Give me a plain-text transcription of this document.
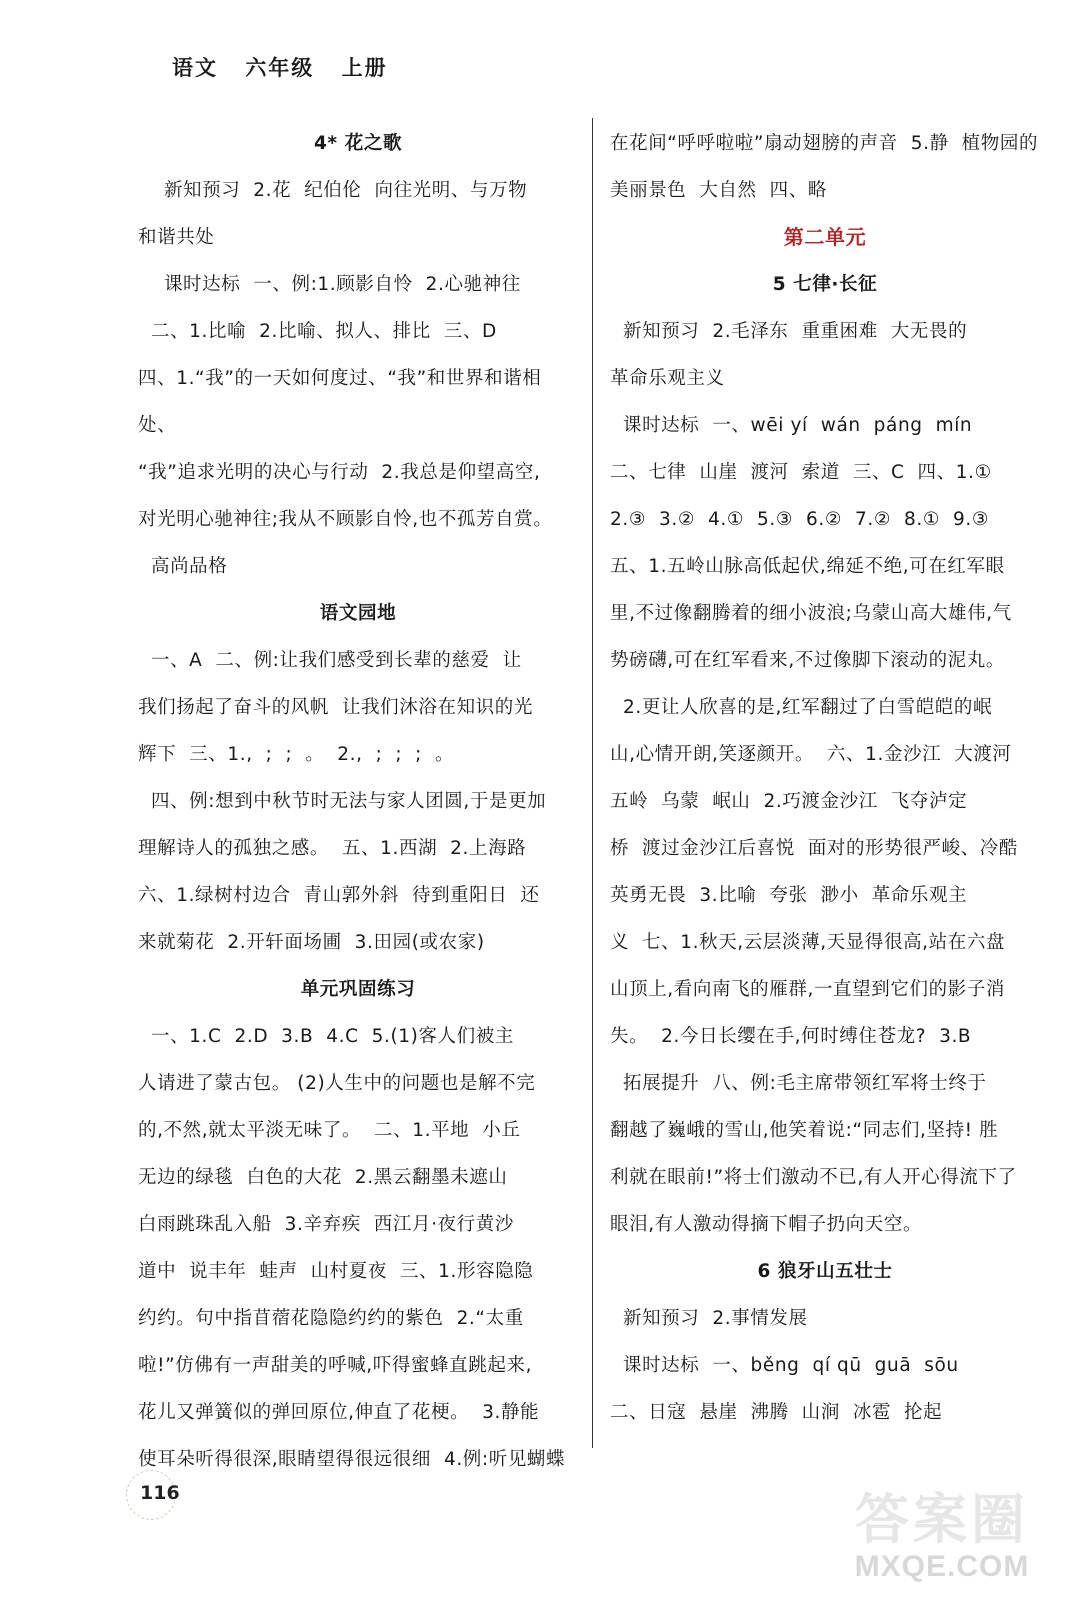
语文 六年级 上册
4* 花之歌
新知预习  2.花  纪伯伦  向往光明、与万物
和谐共处
课时达标  一、例:1.顾影自怜  2.心驰神往
二、1.比喻  2.比喻、拟人、排比  三、D
四、1.“我”的一天如何度过、“我”和世界和谐相处、
“我”追求光明的决心与行动  2.我总是仰望高空,
对光明心驰神往;我从不顾影自怜,也不孤芳自赏。
高尚品格
语文园地
一、A  二、例:让我们感受到长辈的慈爱  让
我们扬起了奋斗的风帆  让我们沐浴在知识的光
辉下  三、1.,  ;  ;  。  2.,  ;  ;  ;  。
四、例:想到中秋节时无法与家人团圆,于是更加
理解诗人的孤独之感。  五、1.西湖  2.上海路
六、1.绿树村边合  青山郭外斜  待到重阳日  还
来就菊花  2.开轩面场圃  3.田园(或农家)
单元巩固练习
一、1.C  2.D  3.B  4.C  5.(1)客人们被主
人请进了蒙古包。 (2)人生中的问题也是解不完
的,不然,就太平淡无味了。  二、1.平地  小丘
无边的绿毯  白色的大花  2.黑云翻墨未遮山
白雨跳珠乱入船  3.辛弃疾  西江月·夜行黄沙
道中  说丰年  蛙声  山村夏夜  三、1.形容隐隐
约约。句中指苜蓿花隐隐约约的紫色  2.“太重
啦!”仿佛有一声甜美的呼喊,吓得蜜蜂直跳起来,
花儿又弹簧似的弹回原位,伸直了花梗。  3.静能
使耳朵听得很深,眼睛望得很远很细  4.例:听见蝴蝶
在花间“呼呼啦啦”扇动翅膀的声音  5.静  植物园的
美丽景色  大自然  四、略
第二单元
5 七律·长征
新知预习  2.毛泽东  重重困难  大无畏的
革命乐观主义
课时达标  一、wēi yí  wán  páng  mín
二、七律  山崖  渡河  索道  三、C  四、1.①
2.③  3.②  4.①  5.③  6.②  7.②  8.①  9.③
五、1.五岭山脉高低起伏,绵延不绝,可在红军眼
里,不过像翻腾着的细小波浪;乌蒙山高大雄伟,气
势磅礴,可在红军看来,不过像脚下滚动的泥丸。
2.更让人欣喜的是,红军翻过了白雪皑皑的岷
山,心情开朗,笑逐颜开。  六、1.金沙江  大渡河
五岭  乌蒙  岷山  2.巧渡金沙江  飞夺泸定
桥  渡过金沙江后喜悦  面对的形势很严峻、冷酷
英勇无畏  3.比喻  夸张  渺小  革命乐观主
义  七、1.秋天,云层淡薄,天显得很高,站在六盘
山顶上,看向南飞的雁群,一直望到它们的影子消
失。  2.今日长缨在手,何时缚住苍龙?  3.B
拓展提升  八、例:毛主席带领红军将士终于
翻越了巍峨的雪山,他笑着说:“同志们,坚持! 胜
利就在眼前!”将士们激动不已,有人开心得流下了
眼泪,有人激动得摘下帽子扔向天空。
6 狼牙山五壮士
新知预习  2.事情发展
课时达标  一、běng  qí qū  guā  sōu
二、日寇  悬崖  沸腾  山涧  冰雹  抡起
116	答案圈
MXQE.COM
